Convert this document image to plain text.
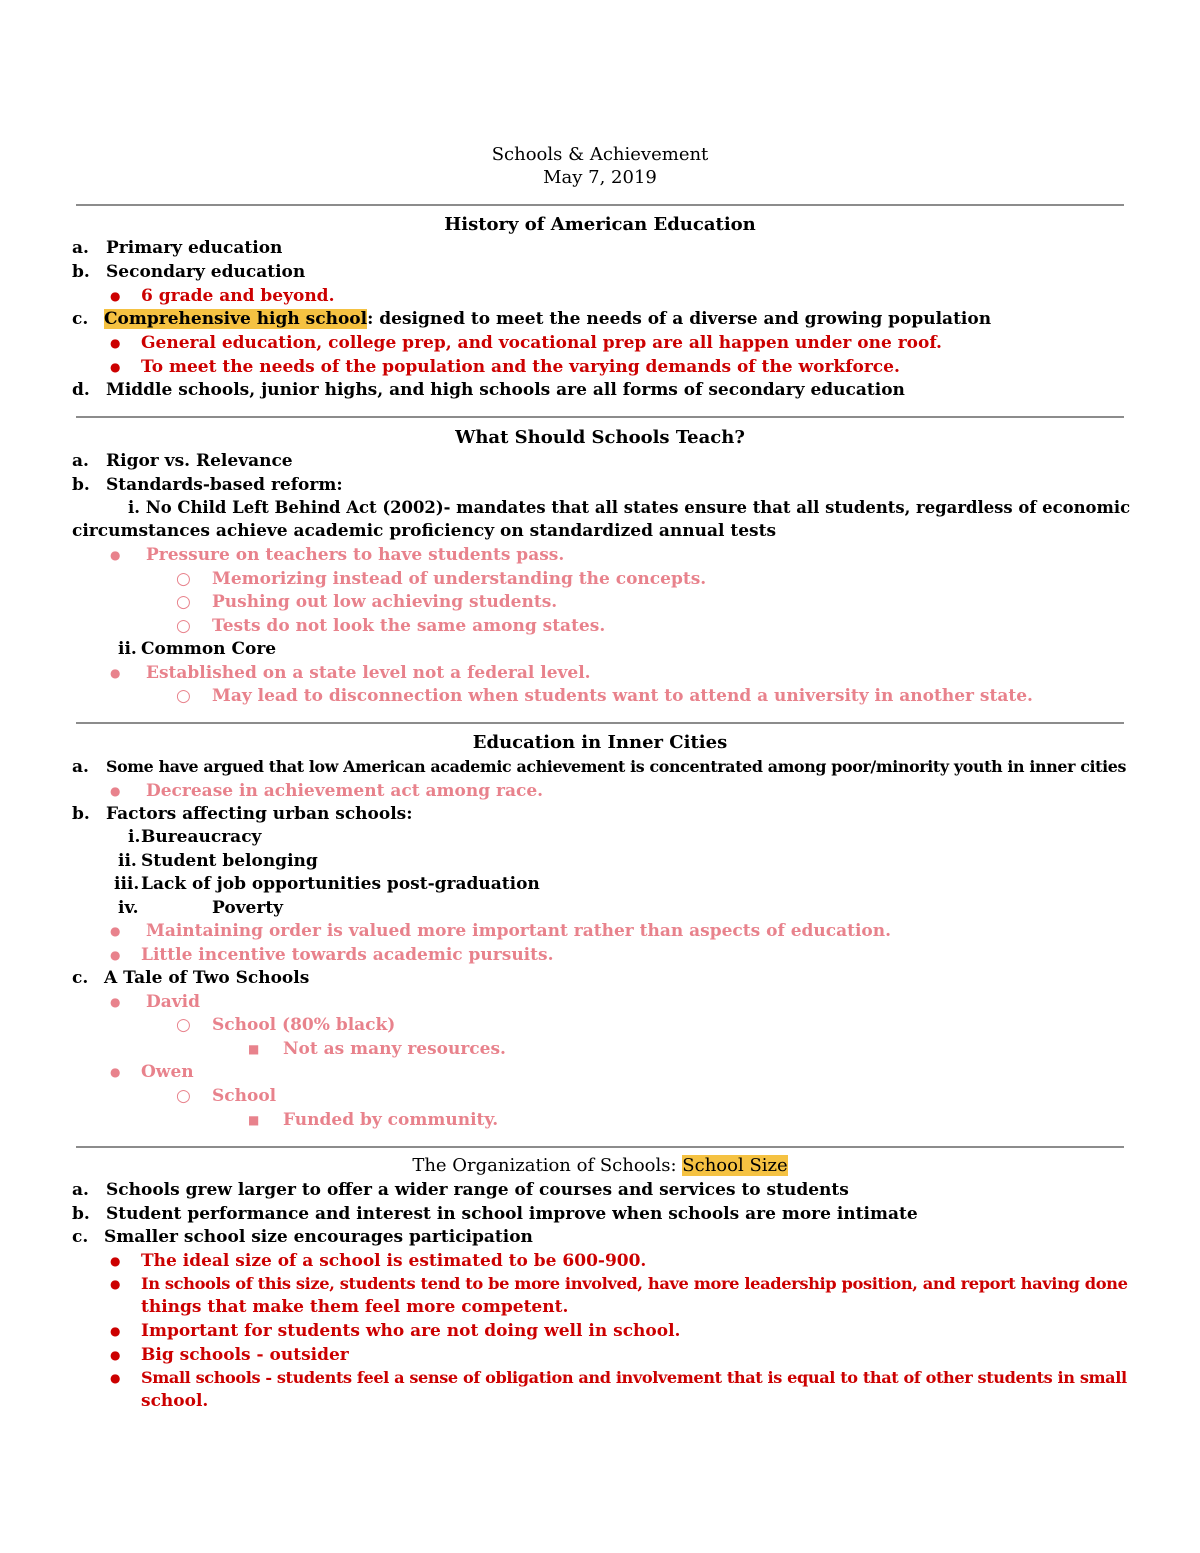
Schools & Achievement
May 7, 2019
History of American Education
a. Primary education
b. Secondary education
● 6 grade and beyond.
c. Comprehensive high school: designed to meet the needs of a diverse and growing population
● General education, college prep, and vocational prep are all happen under one roof.
● To meet the needs of the population and the varying demands of the workforce.
d. Middle schools, junior highs, and high schools are all forms of secondary education
What Should Schools Teach?
a. Rigor vs. Relevance
b. Standards-based reform:
i. No Child Left Behind Act (2002)- mandates that all states ensure that all students, regardless of economic
circumstances achieve academic proficiency on standardized annual tests
● Pressure on teachers to have students pass.
○ Memorizing instead of understanding the concepts.
○ Pushing out low achieving students.
○ Tests do not look the same among states.
ii. Common Core
● Established on a state level not a federal level.
○ May lead to disconnection when students want to attend a university in another state.
Education in Inner Cities
a. Some have argued that low American academic achievement is concentrated among poor/minority youth in inner cities
● Decrease in achievement act among race.
b. Factors affecting urban schools:
i. Bureaucracy
ii. Student belonging
iii. Lack of job opportunities post-graduation
iv.	Poverty
● Maintaining order is valued more important rather than aspects of education.
● Little incentive towards academic pursuits.
c. A Tale of Two Schools
● David
○ School (80% black)
■ Not as many resources.
● Owen
○ School
■ Funded by community.
The Organization of Schools: School Size
a. Schools grew larger to offer a wider range of courses and services to students
b. Student performance and interest in school improve when schools are more intimate
c. Smaller school size encourages participation
● The ideal size of a school is estimated to be 600-900.
● In schools of this size, students tend to be more involved, have more leadership position, and report having done
things that make them feel more competent.
● Important for students who are not doing well in school.
● Big schools - outsider
● Small schools - students feel a sense of obligation and involvement that is equal to that of other students in small
school.
